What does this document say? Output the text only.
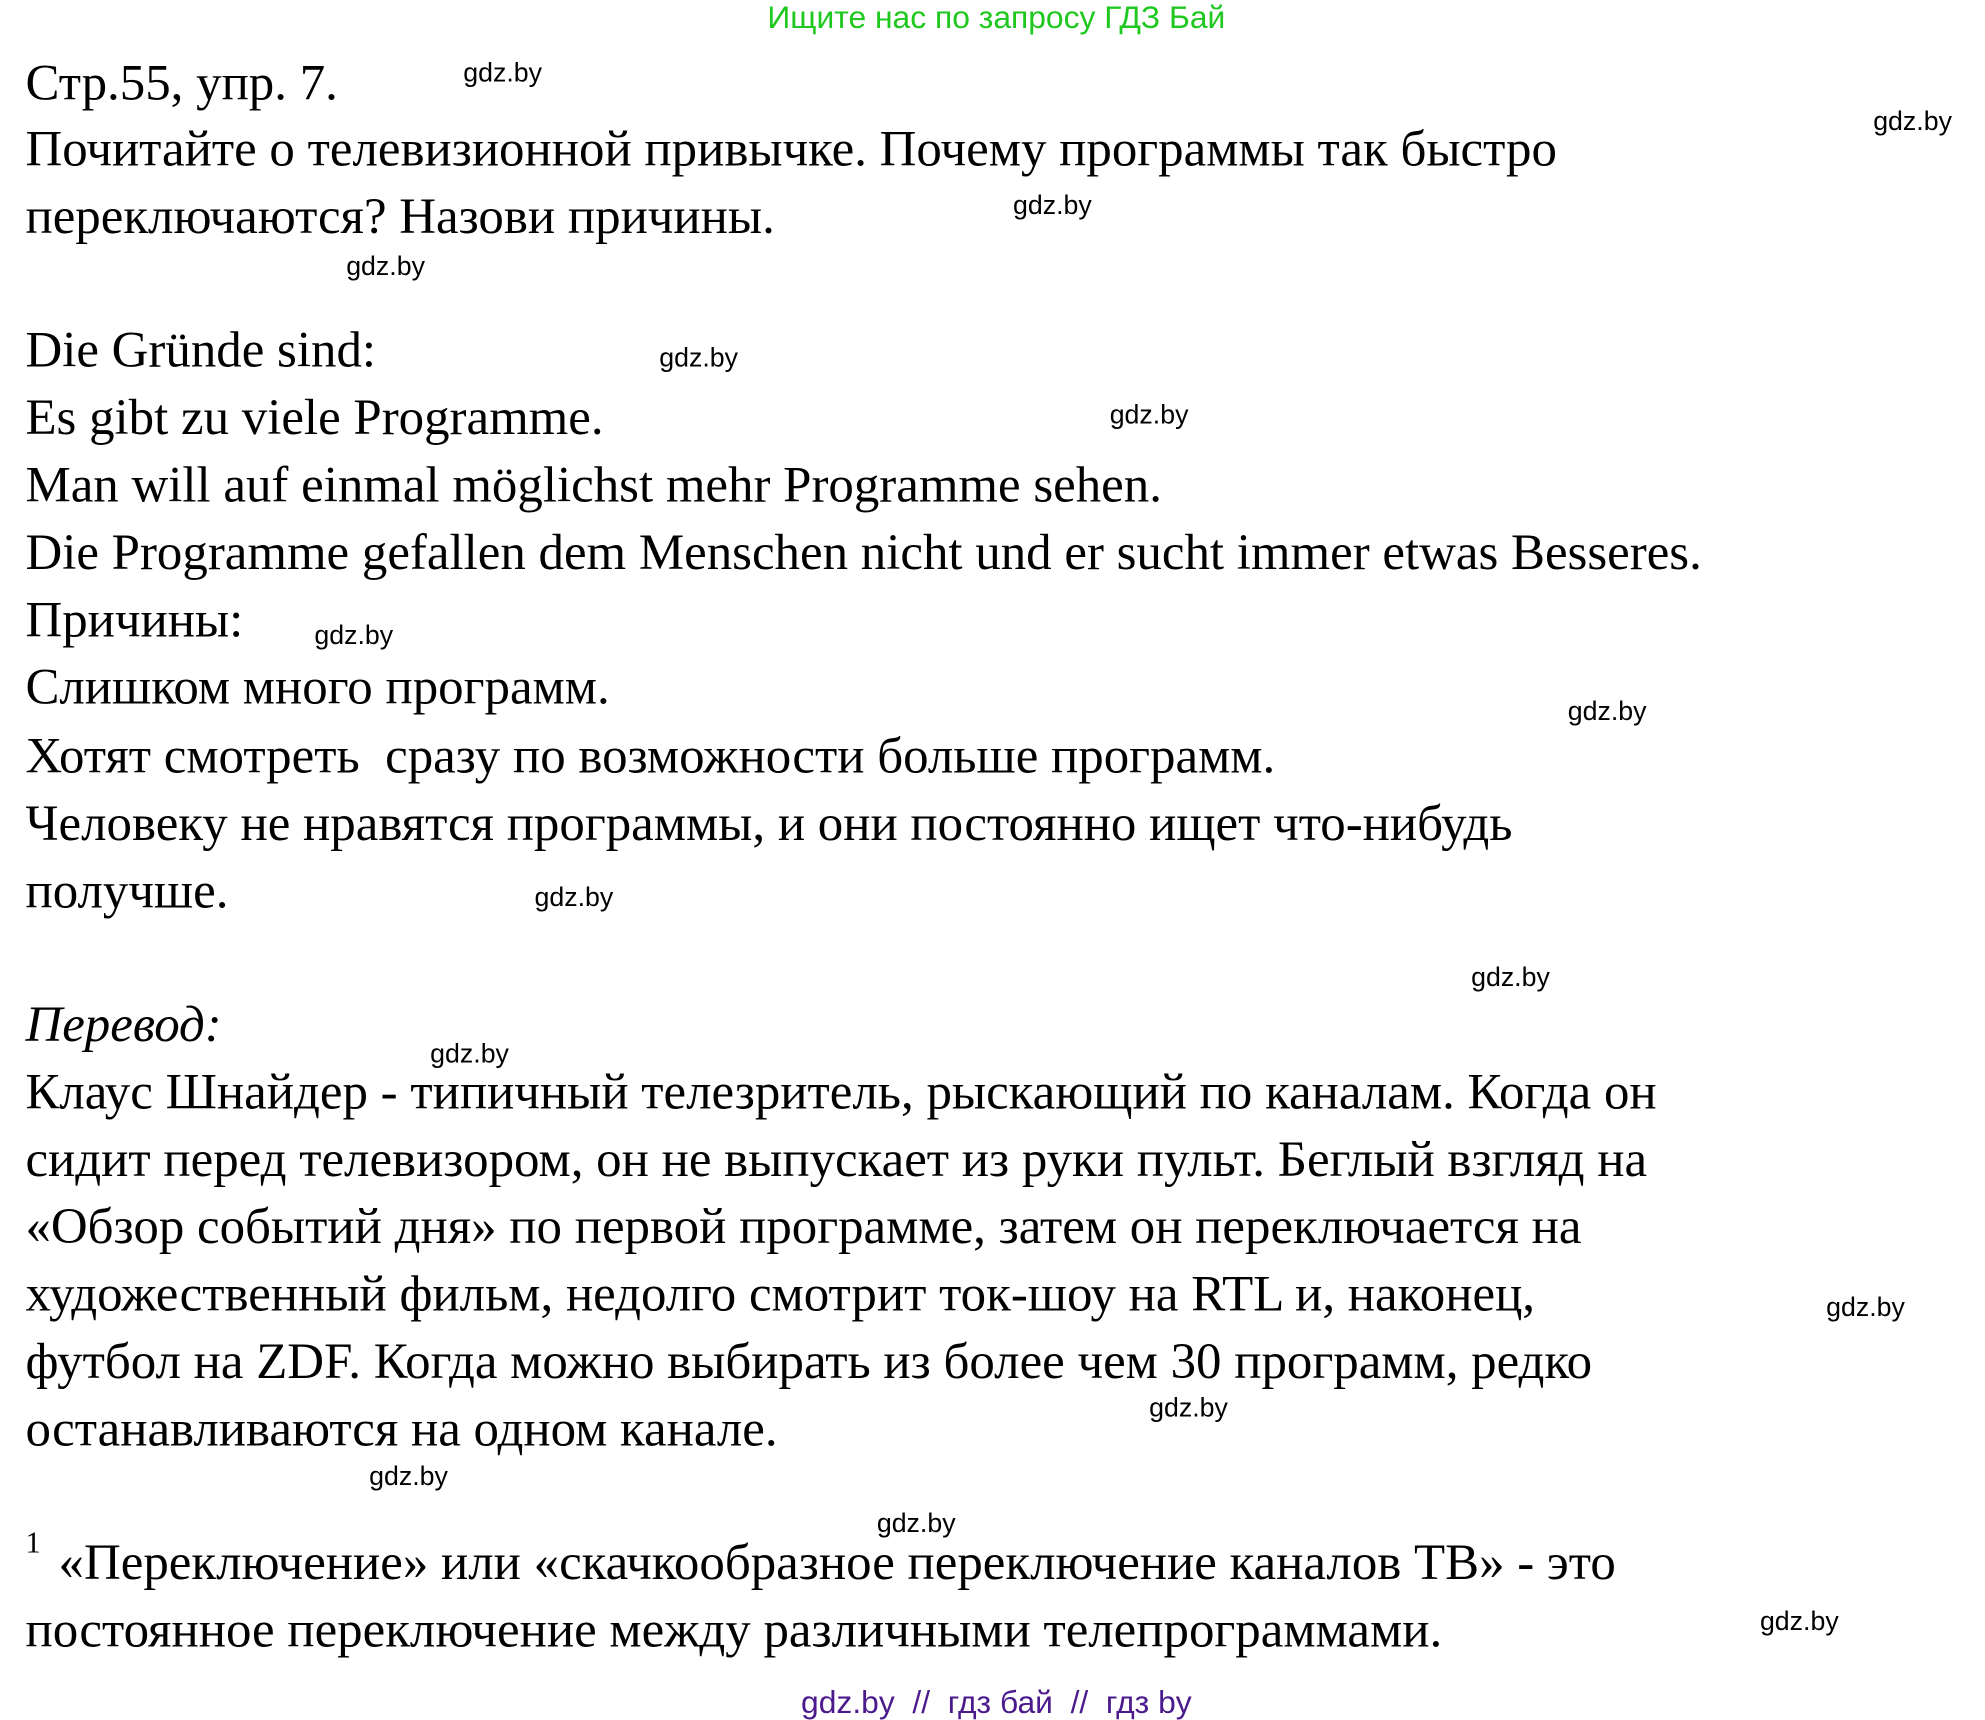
Ищите нас по запросу ГДЗ Бай
Стр.55, упр. 7.
Почитайте о телевизионной привычке. Почему программы так быстро
переключаются? Назови причины.
Die Gründe sind:
Es gibt zu viele Programme.
Man will auf einmal möglichst mehr Programme sehen.
Die Programme gefallen dem Menschen nicht und er sucht immer etwas Besseres.
Причины:
Слишком много программ.
Хотят смотреть  сразу по возможности больше программ.
Человеку не нравятся программы, и они постоянно ищет что-нибудь
получше.
Перевод:
Клаус Шнайдер - типичный телезритель, рыскающий по каналам. Когда он
сидит перед телевизором, он не выпускает из руки пульт. Беглый взгляд на
«Обзор событий дня» по первой программе, затем он переключается на
художественный фильм, недолго смотрит ток-шоу на RTL и, наконец,
футбол на ZDF. Когда можно выбирать из более чем 30 программ, редко
останавливаются на одном канале.
1 «Переключение» или «скачкообразное переключение каналов ТВ» - это
постоянное переключение между различными телепрограммами.
gdz.by
gdz.by
gdz.by
gdz.by
gdz.by
gdz.by
gdz.by
gdz.by
gdz.by
gdz.by
gdz.by
gdz.by
gdz.by
gdz.by
gdz.by
gdz.by
gdz.by  //  гдз бай  //  гдз by
